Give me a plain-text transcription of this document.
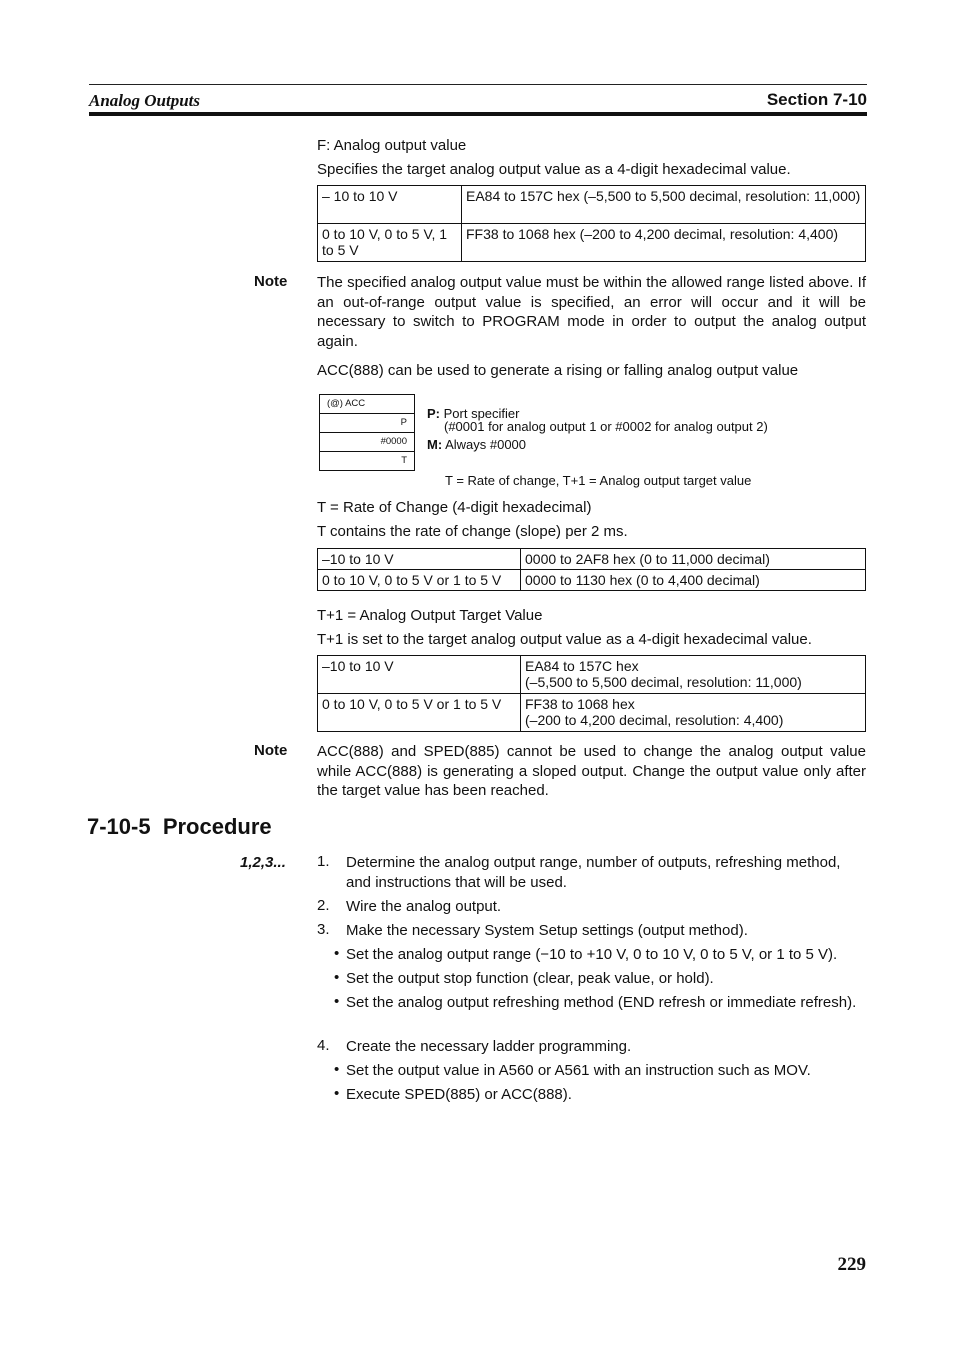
Analog Outputs	Section 7-10
F: Analog output value
Specifies the target analog output value as a 4-digit hexadecimal value.
– 10 to 10 V	EA84 to 157C hex (–5,500 to 5,500 decimal, resolution: 11,000)
0 to 10 V, 0 to 5 V, 1 to 5 V	FF38 to 1068 hex (–200 to 4,200 decimal, resolution: 4,400)
Note The specified analog output value must be within the allowed range listed above. If an out-of-range output value is specified, an error will occur and it will be necessary to switch to PROGRAM mode in order to output the analog output again.
ACC(888) can be used to generate a rising or falling analog output value
(@) ACC
P
#0000
T
P: Port specifier
(#0001 for analog output 1 or #0002 for analog output 2)
M: Always #0000
T = Rate of change, T+1 = Analog output target value
T = Rate of Change (4-digit hexadecimal)
T contains the rate of change (slope) per 2 ms.
–10 to 10 V	0000 to 2AF8 hex (0 to 11,000 decimal)
0 to 10 V, 0 to 5 V or 1 to 5 V	0000 to 1130 hex (0 to 4,400 decimal)
T+1 = Analog Output Target Value
T+1 is set to the target analog output value as a 4-digit hexadecimal value.
–10 to 10 V	EA84 to 157C hex
(–5,500 to 5,500 decimal, resolution: 11,000)

0 to 10 V, 0 to 5 V or 1 to 5 V	FF38 to 1068 hex
(–200 to 4,200 decimal, resolution: 4,400)
Note ACC(888) and SPED(885) cannot be used to change the analog output value while ACC(888) is generating a sloped output. Change the output value only after the target value has been reached.
7-10-5  Procedure
1,2,3... 1. Determine the analog output range, number of outputs, refreshing method, and instructions that will be used.
2. Wire the analog output.
3. Make the necessary System Setup settings (output method).
• Set the analog output range (−10 to +10 V, 0 to 10 V, 0 to 5 V, or 1 to 5 V).
• Set the output stop function (clear, peak value, or hold).
• Set the analog output refreshing method (END refresh or immediate refresh).
4. Create the necessary ladder programming.
• Set the output value in A560 or A561 with an instruction such as MOV.
• Execute SPED(885) or ACC(888).
229
